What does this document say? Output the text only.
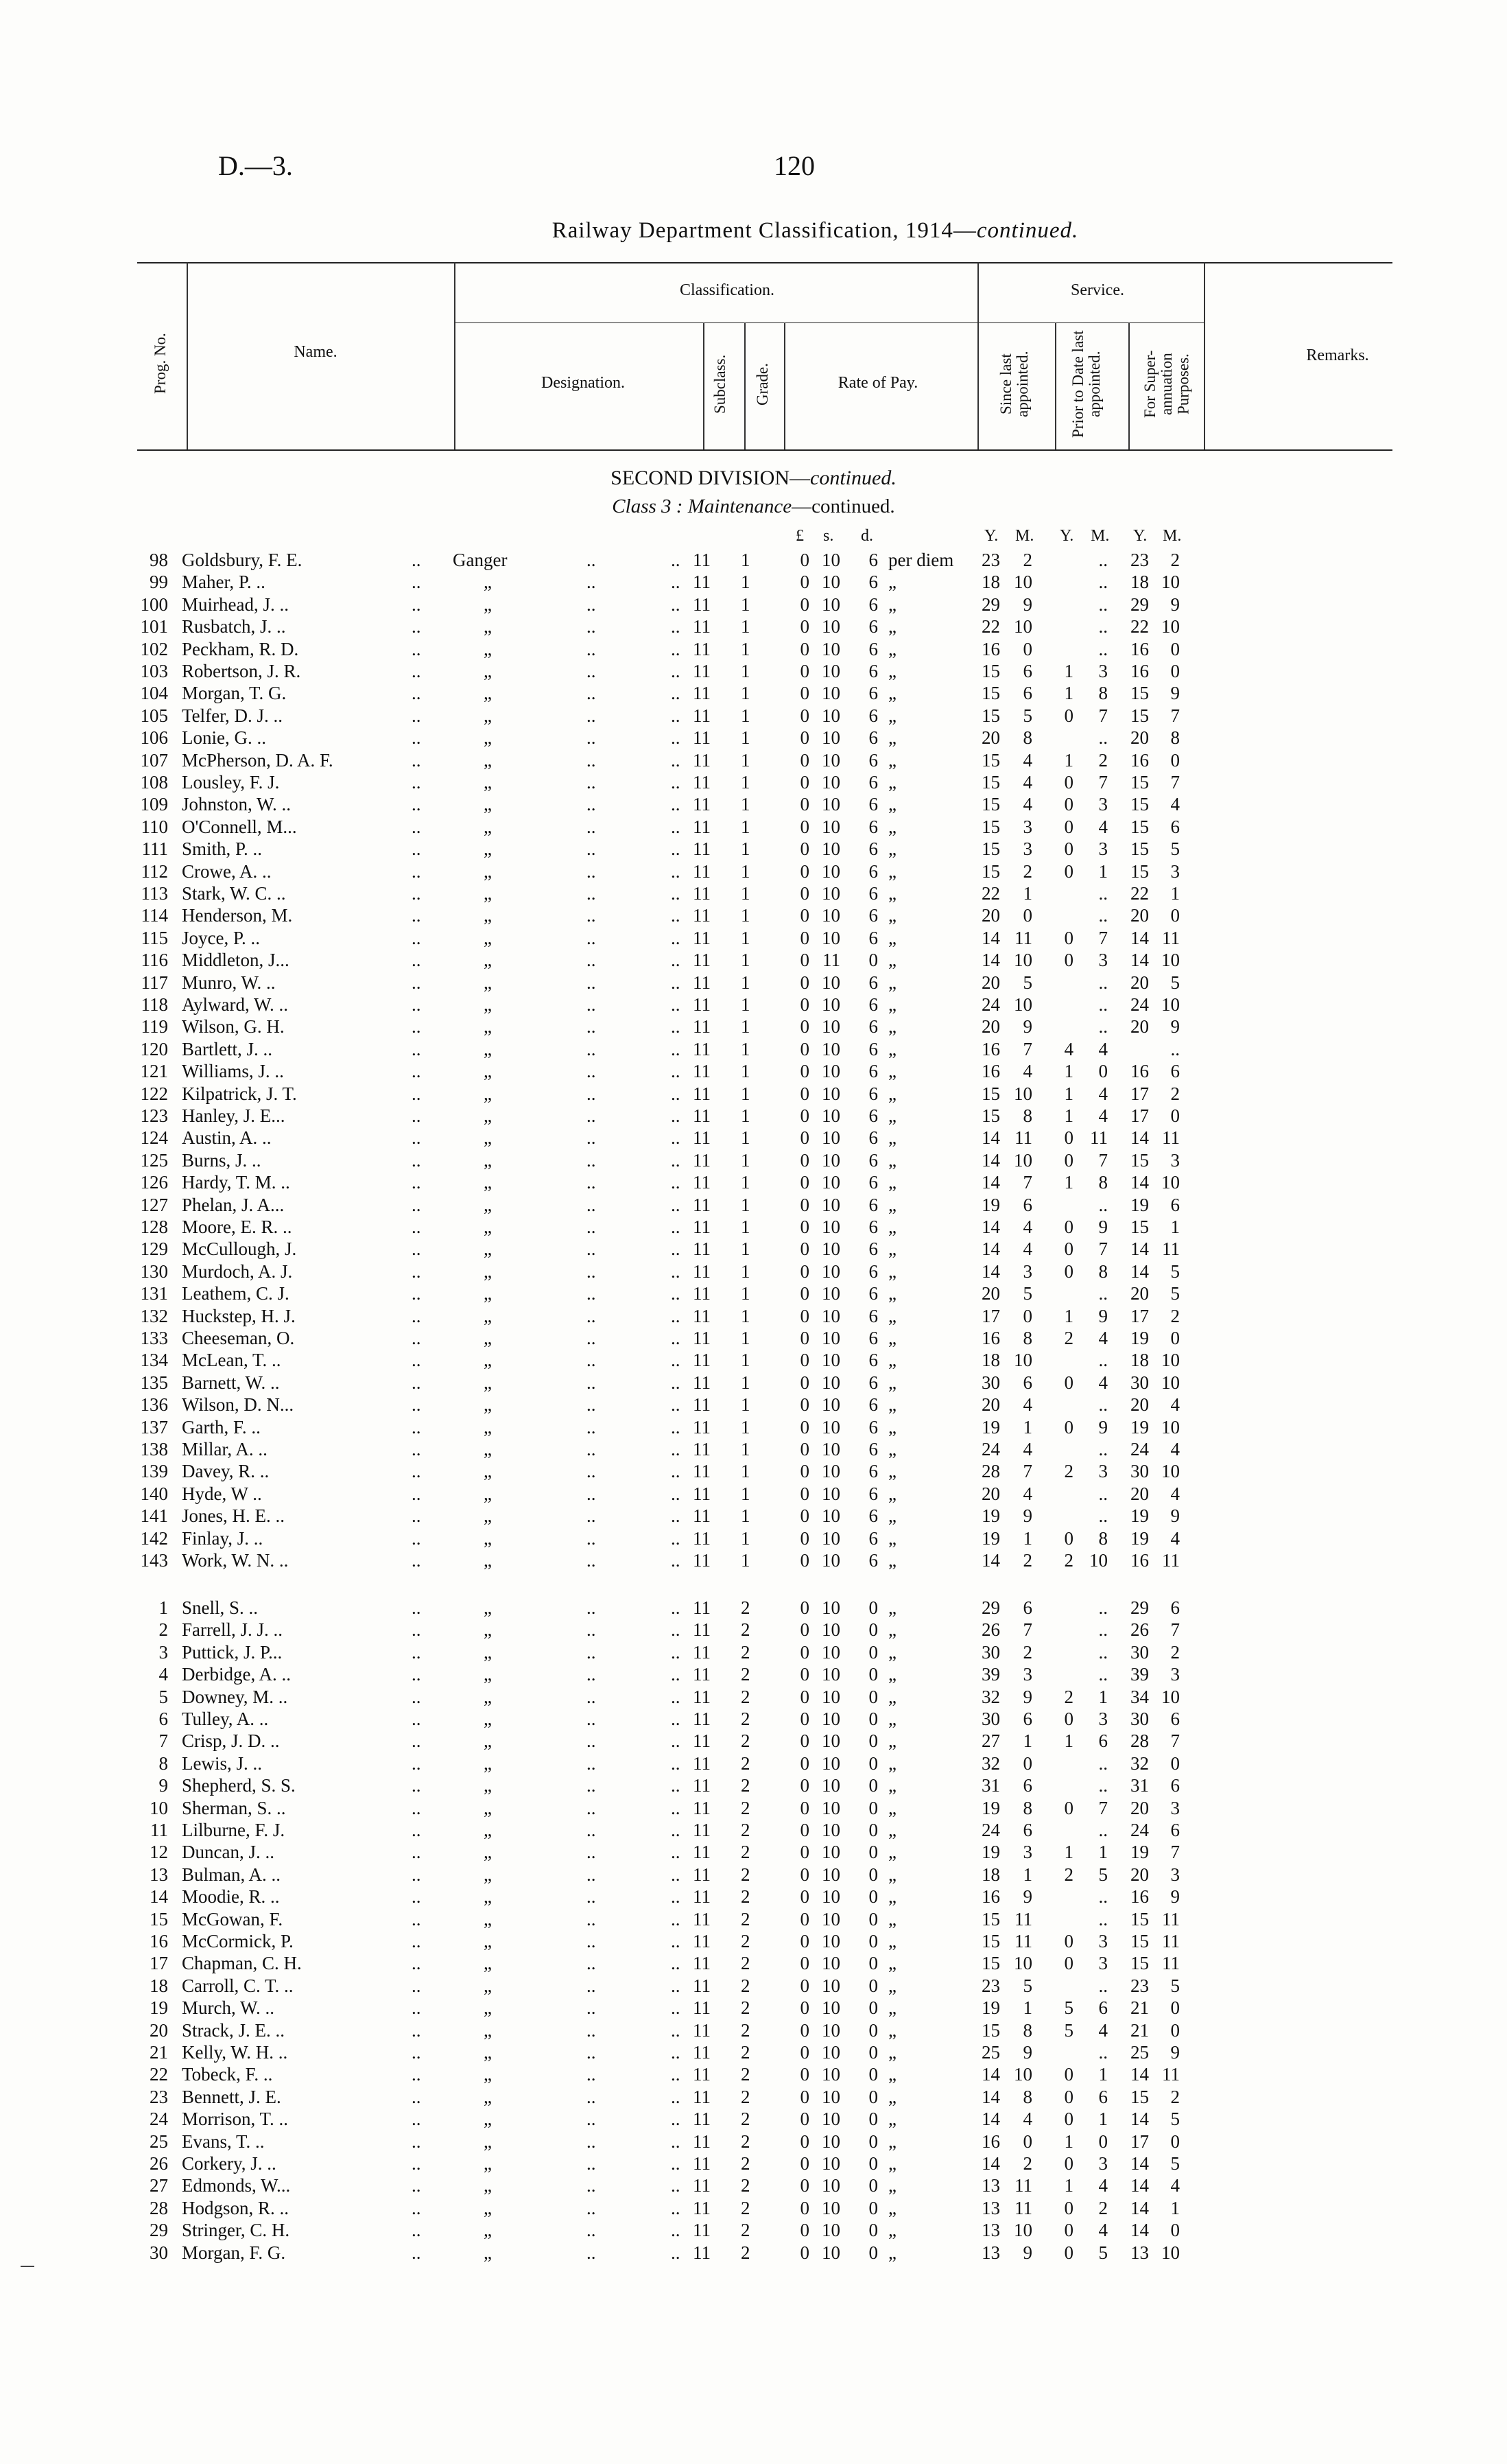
D.—3.	120
Railway Department Classification, 1914—continued.
Prog. No.	Name.
Classification.
Designation.	Subclass. Grade.	Rate of Pay.
Service.
Since last appointed.	Prior to Date last appointed.	For Super-annuation Purposes.	Remarks.
SECOND DIVISION—continued.
Class 3 : Maintenance—continued.
£ s. d.	Y. M. Y. M. Y. M.
98 Goldsbury, F. E.	.. Ganger	..	.. 11 1	0 10	6 per diem	23	2	..	23	2
99 Maher, P. ..	..	„	..	.. 11 1	0 10	6 „	18 10	..	18 10
100 Muirhead, J. ..	..	„	..	.. 11 1	0 10	6 „	29	9	..	29	9
101 Rusbatch, J. ..	..	„	..	.. 11 1	0 10	6 „	22 10	..	22 10
102 Peckham, R. D.	..	„	..	.. 11 1	0 10	6 „	16	0	..	16	0
103 Robertson, J. R.	..	„	..	.. 11 1	0 10	6 „	15	6	1	3	16	0
104 Morgan, T. G.	..	„	..	.. 11 1	0 10	6 „	15	6	1	8	15	9
105 Telfer, D. J. ..	..	„	..	.. 11 1	0 10	6 „	15	5	0	7	15	7
106 Lonie, G. ..	..	„	..	.. 11 1	0 10	6 „	20	8	..	20	8
107 McPherson, D. A. F.	..	„	..	.. 11 1	0 10	6 „	15	4	1	2	16	0
108 Lousley, F. J.	..	„	..	.. 11 1	0 10	6 „	15	4	0	7	15	7
109 Johnston, W. ..	..	„	..	.. 11 1	0 10	6 „	15	4	0	3	15	4
110 O'Connell, M...	..	„	..	.. 11 1	0 10	6 „	15	3	0	4	15	6
111 Smith, P. ..	..	„	..	.. 11 1	0 10	6 „	15	3	0	3	15	5
112 Crowe, A. ..	..	„	..	.. 11 1	0 10	6 „	15	2	0	1	15	3
113 Stark, W. C. ..	..	„	..	.. 11 1	0 10	6 „	22	1	..	22	1
114 Henderson, M.	..	„	..	.. 11 1	0 10	6 „	20	0	..	20	0
115 Joyce, P. ..	..	„	..	.. 11 1	0 10	6 „	14 11	0	7	14 11
116 Middleton, J...	..	„	..	.. 11 1	0 11	0 „	14 10	0	3	14 10
117 Munro, W. ..	..	„	..	.. 11 1	0 10	6 „	20	5	..	20	5
118 Aylward, W. ..	..	„	..	.. 11 1	0 10	6 „	24 10	..	24 10
119 Wilson, G. H.	..	„	..	.. 11 1	0 10	6 „	20	9	..	20	9
120 Bartlett, J. ..	..	„	..	.. 11 1	0 10	6 „	16	7	4	4	..
121 Williams, J. ..	..	„	..	.. 11 1	0 10	6 „	16	4	1	0	16	6
122 Kilpatrick, J. T.	..	„	..	.. 11 1	0 10	6 „	15 10	1	4	17	2
123 Hanley, J. E...	..	„	..	.. 11 1	0 10	6 „	15	8	1	4	17	0
124 Austin, A. ..	..	„	..	.. 11 1	0 10	6 „	14 11	0 11	14 11
125 Burns, J. ..	..	„	..	.. 11 1	0 10	6 „	14 10	0	7	15	3
126 Hardy, T. M. ..	..	„	..	.. 11 1	0 10	6 „	14	7	1	8	14 10
127 Phelan, J. A...	..	„	..	.. 11 1	0 10	6 „	19	6	..	19	6
128 Moore, E. R. ..	..	„	..	.. 11 1	0 10	6 „	14	4	0	9	15	1
129 McCullough, J.	..	„	..	.. 11 1	0 10	6 „	14	4	0	7	14 11
130 Murdoch, A. J.	..	„	..	.. 11 1	0 10	6 „	14	3	0	8	14	5
131 Leathem, C. J.	..	„	..	.. 11 1	0 10	6 „	20	5	..	20	5
132 Huckstep, H. J.	..	„	..	.. 11 1	0 10	6 „	17	0	1	9	17	2
133 Cheeseman, O.	..	„	..	.. 11 1	0 10	6 „	16	8	2	4	19	0
134 McLean, T. ..	..	„	..	.. 11 1	0 10	6 „	18 10	..	18 10
135 Barnett, W. ..	..	„	..	.. 11 1	0 10	6 „	30	6	0	4	30 10
136 Wilson, D. N...	..	„	..	.. 11 1	0 10	6 „	20	4	..	20	4
137 Garth, F. ..	..	„	..	.. 11 1	0 10	6 „	19	1	0	9	19 10
138 Millar, A. ..	..	„	..	.. 11 1	0 10	6 „	24	4	..	24	4
139 Davey, R. ..	..	„	..	.. 11 1	0 10	6 „	28	7	2	3	30 10
140 Hyde, W ..	..	„	..	.. 11 1	0 10	6 „	20	4	..	20	4
141 Jones, H. E. ..	..	„	..	.. 11 1	0 10	6 „	19	9	..	19	9
142 Finlay, J. ..	..	„	..	.. 11 1	0 10	6 „	19	1	0	8	19	4
143 Work, W. N. ..	..	„	..	.. 11 1	0 10	6 „	14	2	2 10	16 11
1 Snell, S. ..	..	„	..	.. 11 2	0 10	0 „	29	6	..	29	6
2 Farrell, J. J. ..	..	„	..	.. 11 2	0 10	0 „	26	7	..	26	7
3 Puttick, J. P...	..	„	..	.. 11 2	0 10	0 „	30	2	..	30	2
4 Derbidge, A. ..	..	„	..	.. 11 2	0 10	0 „	39	3	..	39	3
5 Downey, M. ..	..	„	..	.. 11 2	0 10	0 „	32	9	2	1	34 10
6 Tulley, A. ..	..	„	..	.. 11 2	0 10	0 „	30	6	0	3	30	6
7 Crisp, J. D. ..	..	„	..	.. 11 2	0 10	0 „	27	1	1	6	28	7
8 Lewis, J. ..	..	„	..	.. 11 2	0 10	0 „	32	0	..	32	0
9 Shepherd, S. S.	..	„	..	.. 11 2	0 10	0 „	31	6	..	31	6
10 Sherman, S. ..	..	„	..	.. 11 2	0 10	0 „	19	8	0	7	20	3
11 Lilburne, F. J.	..	„	..	.. 11 2	0 10	0 „	24	6	..	24	6
12 Duncan, J. ..	..	„	..	.. 11 2	0 10	0 „	19	3	1	1	19	7
13 Bulman, A. ..	..	„	..	.. 11 2	0 10	0 „	18	1	2	5	20	3
14 Moodie, R. ..	..	„	..	.. 11 2	0 10	0 „	16	9	..	16	9
15 McGowan, F.	..	„	..	.. 11 2	0 10	0 „	15 11	..	15 11
16 McCormick, P.	..	„	..	.. 11 2	0 10	0 „	15 11	0	3	15 11
17 Chapman, C. H.	..	„	..	.. 11 2	0 10	0 „	15 10	0	3	15 11
18 Carroll, C. T. ..	..	„	..	.. 11 2	0 10	0 „	23	5	..	23	5
19 Murch, W. ..	..	„	..	.. 11 2	0 10	0 „	19	1	5	6	21	0
20 Strack, J. E. ..	..	„	..	.. 11 2	0 10	0 „	15	8	5	4	21	0
21 Kelly, W. H. ..	..	„	..	.. 11 2	0 10	0 „	25	9	..	25	9
22 Tobeck, F. ..	..	„	..	.. 11 2	0 10	0 „	14 10	0	1	14 11
23 Bennett, J. E.	..	„	..	.. 11 2	0 10	0 „	14	8	0	6	15	2
24 Morrison, T. ..	..	„	..	.. 11 2	0 10	0 „	14	4	0	1	14	5
25 Evans, T. ..	..	„	..	.. 11 2	0 10	0 „	16	0	1	0	17	0
26 Corkery, J. ..	..	„	..	.. 11 2	0 10	0 „	14	2	0	3	14	5
27 Edmonds, W...	..	„	..	.. 11 2	0 10	0 „	13 11	1	4	14	4
28 Hodgson, R. ..	..	„	..	.. 11 2	0 10	0 „	13 11	0	2	14	1
29 Stringer, C. H.	..	„	..	.. 11 2	0 10	0 „	13 10	0	4	14	0
30 Morgan, F. G.	..	„	..	.. 11 2	0 10	0 „	13	9	0	5	13 10
